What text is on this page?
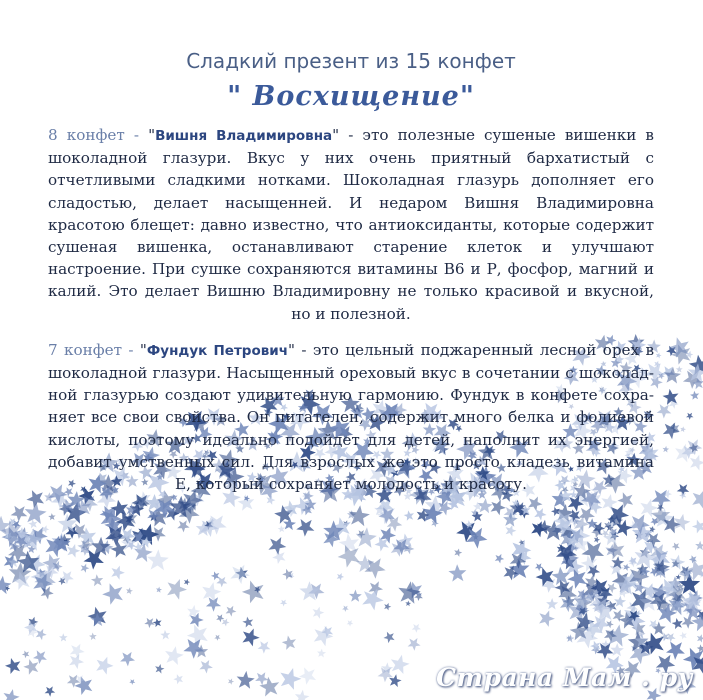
Сладкий презент из 15 конфет

" Восхищение"

8 конфет - "Вишня Владимировна" - это полезные сушеные вишенки в шоколадной глазури. Вкус у них очень приятный бархатистый с отчетливыми сладкими нотками. Шоколадная глазурь дополняет его сладостью, делает насыщенней. И недаром Вишня Владимировна красотою блещет: давно известно, что антиоксиданты, которые содержит сушеная вишенка, останавливают старение клеток и улучшают настроение. При сушке сохраняются витамины В6 и Р, фосфор, магний и калий. Это делает Вишню Владимировну не только красивой и вкусной, но и полезной.

7 конфет - "Фундук Петрович" - это цельный поджаренный лесной орех в шоколадной глазури. Насыщенный ореховый вкус в сочетании с шоколадной глазурью создают удивительную гармонию. Фундук в конфете сохраняет все свои свойства. Он питателен, содержит много белка и фолиевой кислоты, поэтому идеально подойдет для детей, наполнит их энергией, добавит умственных сил. Для взрослых же это просто кладезь витамина Е, который сохраняет молодость и красоту.

Страна Мам . ру
